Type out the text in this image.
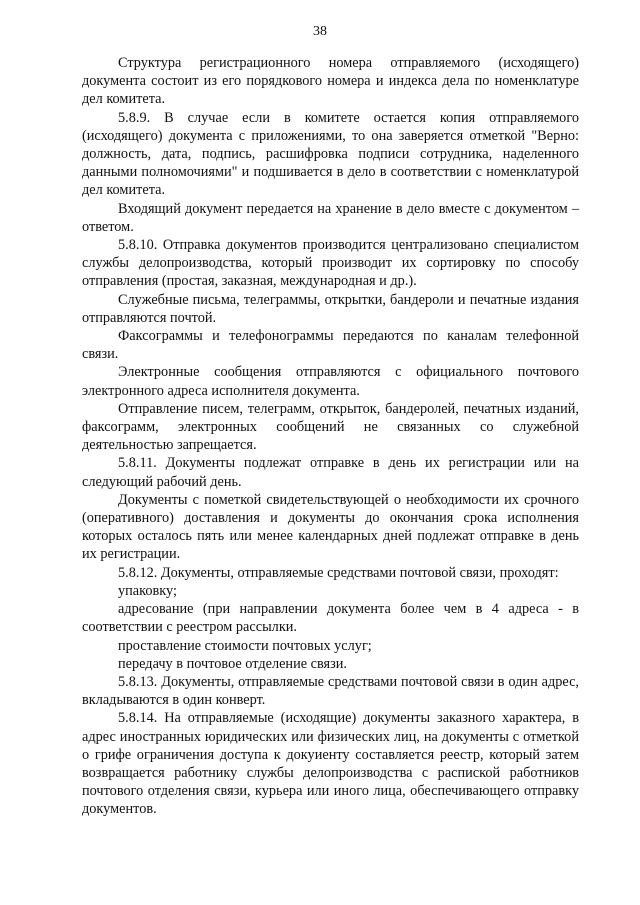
38

Структура регистрационного номера отправляемого (исходящего) документа состоит из его порядкового номера и индекса дела по номенклатуре дел комитета.

5.8.9. В случае если в комитете остается копия отправляемого (исходящего) документа с приложениями, то она заверяется отметкой "Верно: должность, дата, подпись, расшифровка подписи сотрудника, наделенного данными полномочиями" и подшивается в дело в соответствии с номенклатурой дел комитета.

Входящий документ передается на хранение в дело вместе с документом – ответом.

5.8.10. Отправка документов производится централизовано специалистом службы делопроизводства, который производит их сортировку по способу отправления (простая, заказная, международная и др.).

Служебные письма, телеграммы, открытки, бандероли и печатные издания отправляются почтой.

Факсограммы и телефонограммы передаются по каналам телефонной связи.

Электронные сообщения отправляются с официального почтового электронного адреса исполнителя документа.

Отправление писем, телеграмм, открыток, бандеролей, печатных изданий, факсограмм, электронных сообщений не связанных со служебной деятельностью запрещается.

5.8.11. Документы подлежат отправке в день их регистрации или на следующий рабочий день.

Документы с пометкой свидетельствующей о необходимости их срочного (оперативного) доставления и документы до окончания срока исполнения которых осталось пять или менее календарных дней подлежат отправке в день их регистрации.

5.8.12. Документы, отправляемые средствами почтовой связи, проходят:

упаковку;

адресование (при направлении документа более чем в 4 адреса - в соответствии с реестром рассылки.

проставление стоимости почтовых услуг;

передачу в почтовое отделение связи.

5.8.13. Документы, отправляемые средствами почтовой связи в один адрес, вкладываются в один конверт.

5.8.14. На отправляемые (исходящие) документы заказного характера, в адрес иностранных юридических или физических лиц, на документы с отметкой о грифе ограничения доступа к докуиенту составляется реестр, который затем возвращается работнику службы делопроизводства с распиской работников почтового отделения связи, курьера или иного лица, обеспечивающего отправку документов.
